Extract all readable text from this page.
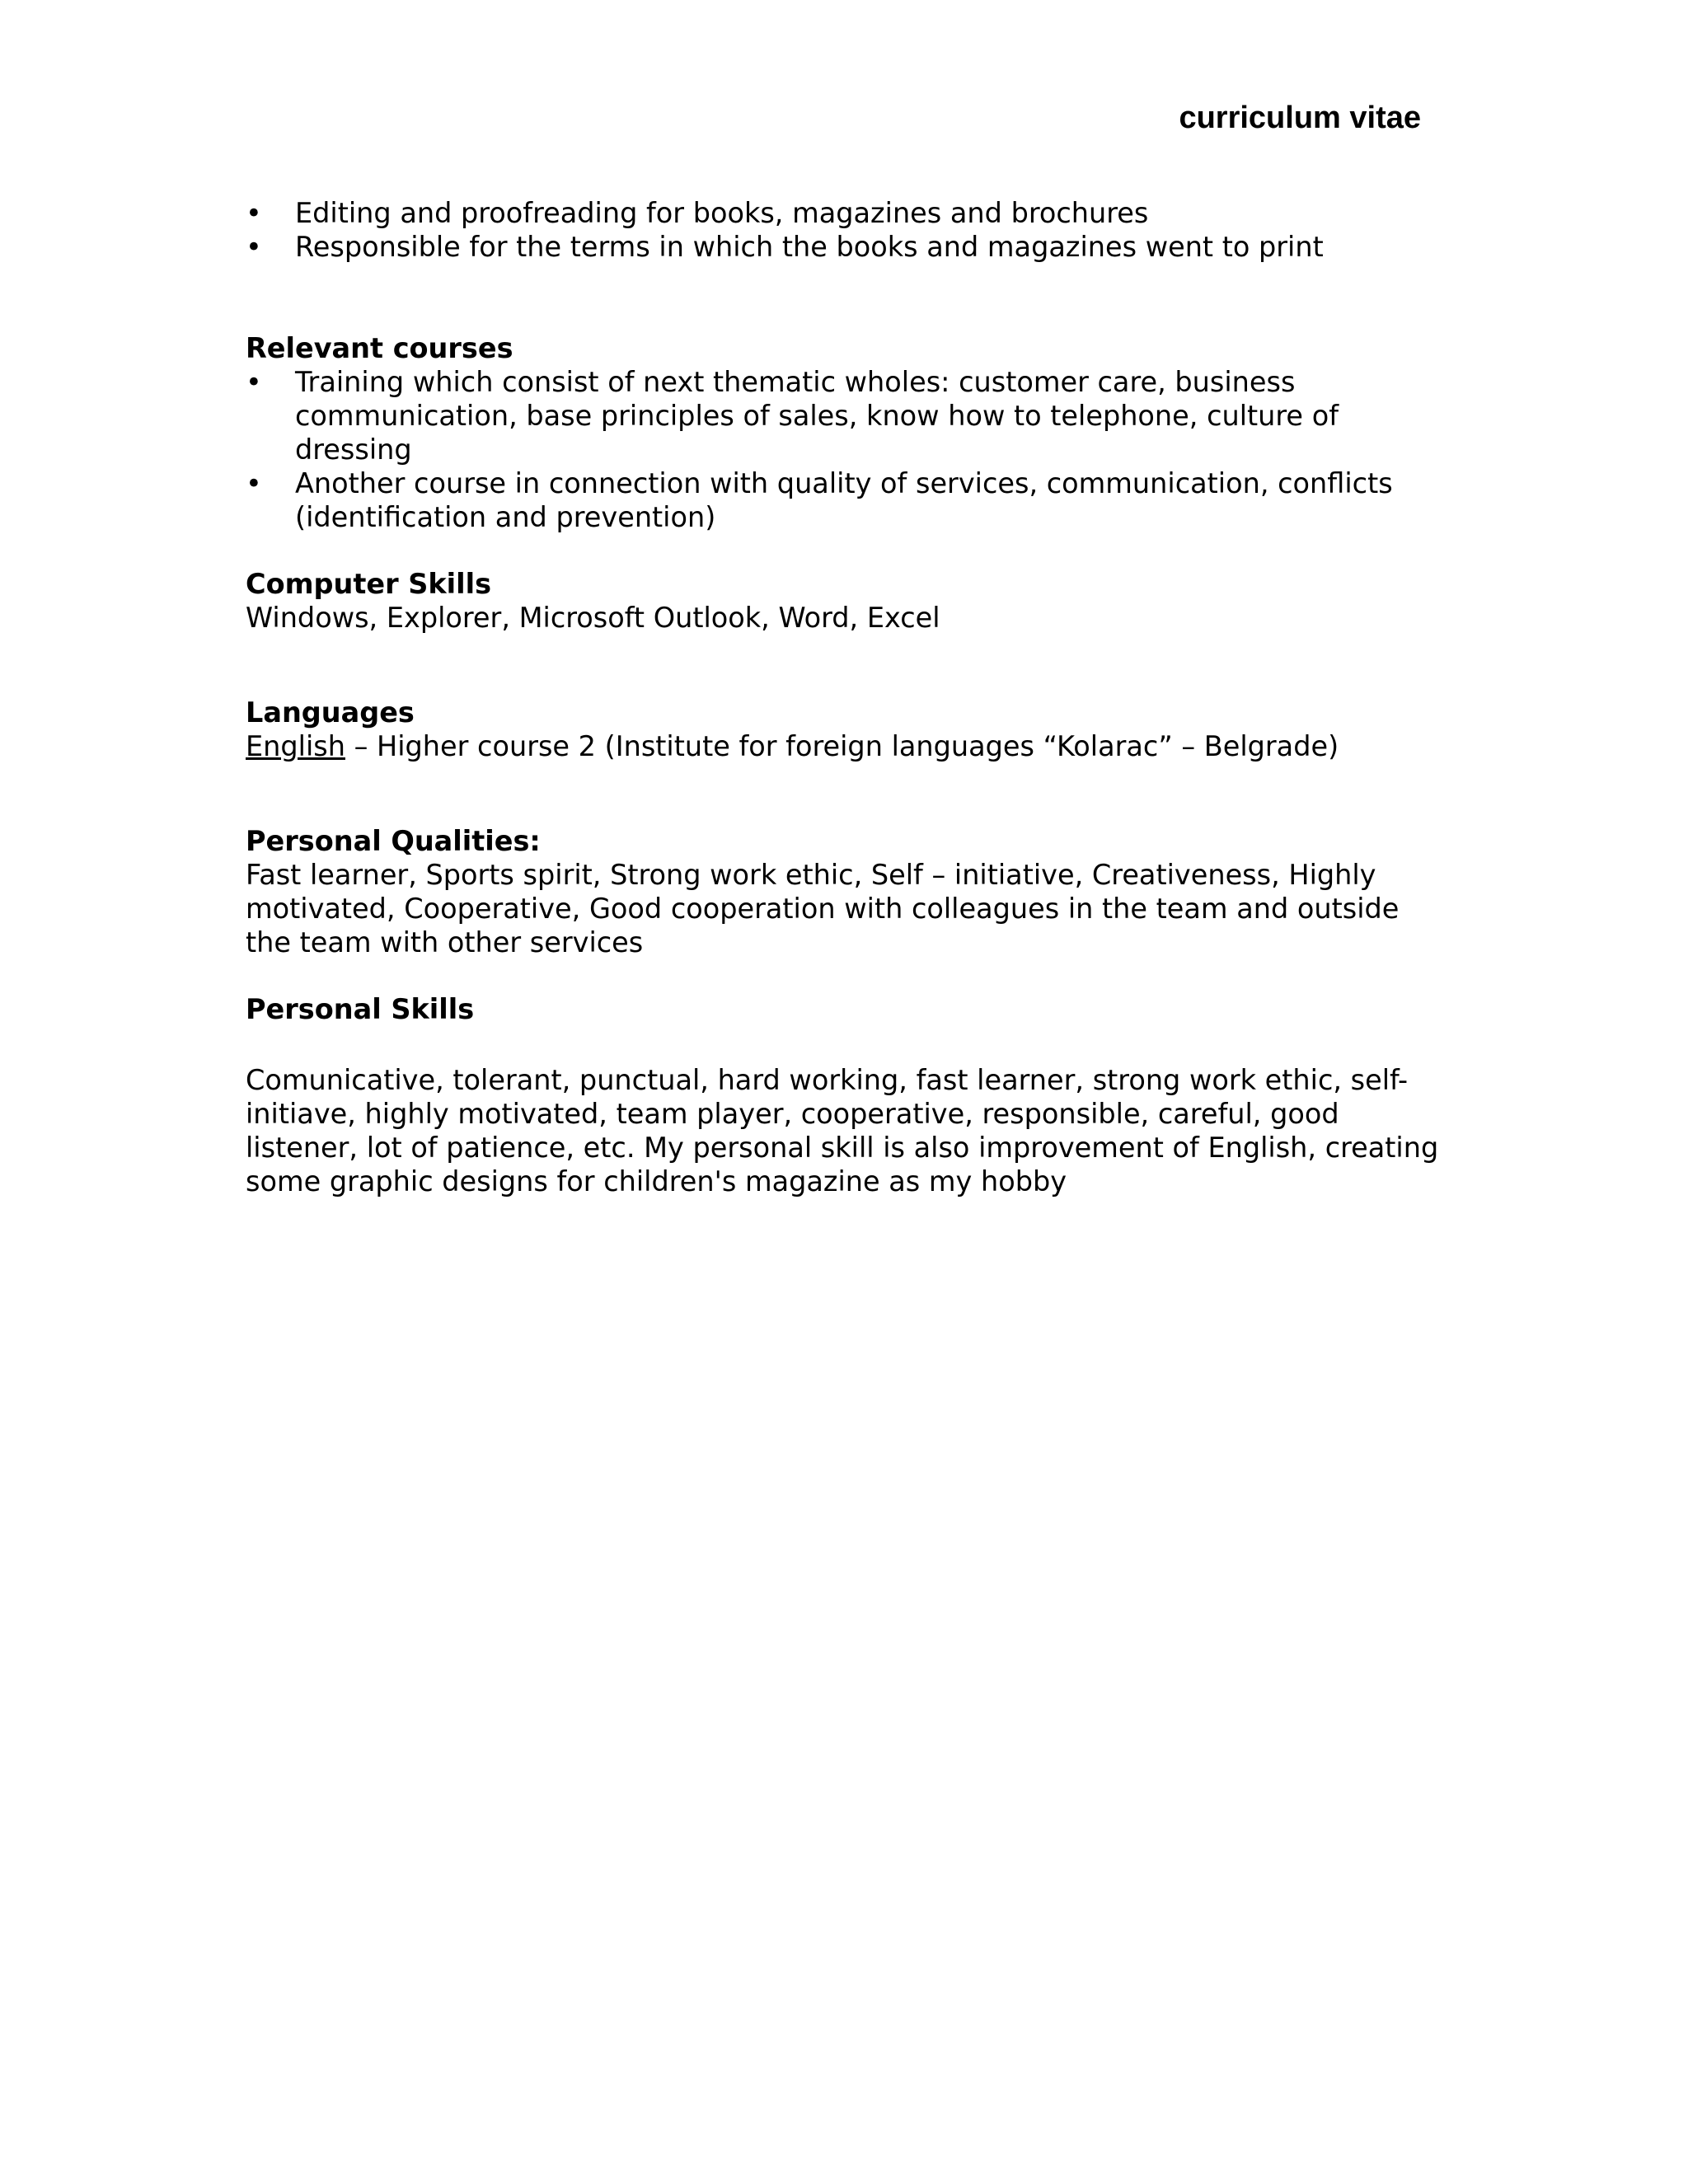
curriculum vitae
• Editing and proofreading for books, magazines and brochures
• Responsible for the terms in which the books and magazines went to print
Relevant courses
• Training which consist of next thematic wholes: customer care, business communication, base principles of sales, know how to telephone, culture of dressing
• Another course in connection with quality of services, communication, conflicts (identification and prevention)
Computer Skills

Windows, Explorer, Microsoft Outlook, Word, Excel

Languages

English – Higher course 2 (Institute for foreign languages “Kolarac” – Belgrade)

Personal Qualities:

Fast learner, Sports spirit, Strong work ethic, Self – initiative, Creativeness, Highly motivated, Cooperative, Good cooperation with colleagues in the team and outside the team with other services

Personal Skills

Comunicative, tolerant, punctual, hard working, fast learner, strong work ethic, self-initiave, highly motivated, team player, cooperative, responsible, careful, good listener, lot of patience, etc. My personal skill is also improvement of English, creating some graphic designs for children's magazine as my hobby
